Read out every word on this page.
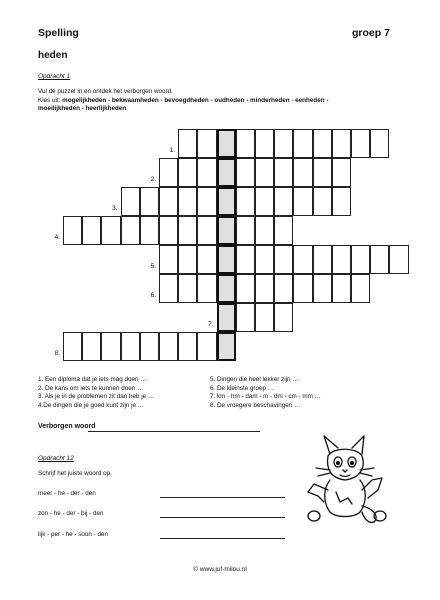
Spelling	groep 7
heden
Opdracht 1
Vul de puzzel in en ontdek het verborgen woord.
Kies uit: mogelijkheden - bekwaamheden - bevoegdheden - oudheden - minderheden - eenheden -
moeilijkheden - heerlijkheden
1.
2.
3.
4.
5.
6.
7.
8.
1. Een diploma dat je iets mag doen …
2. De kans om iets te kunnen doen …
3. Als je in de problemen zit dan heb je …
4.De dingen die je goed kunt zijn je …
5. Dingen die heel lekker zijn …
6. De kleinste groep …
7. km - hm - dam - m - dm - cm - mm …
8. De vroegere beschavingen …
Verborgen woord
Opdracht 12
Schrijf het juiste woord op.
meer - he - der - den
zon - he - der - bij - den
lijk - per - he - soon - den
© www.juf-milou.nl
